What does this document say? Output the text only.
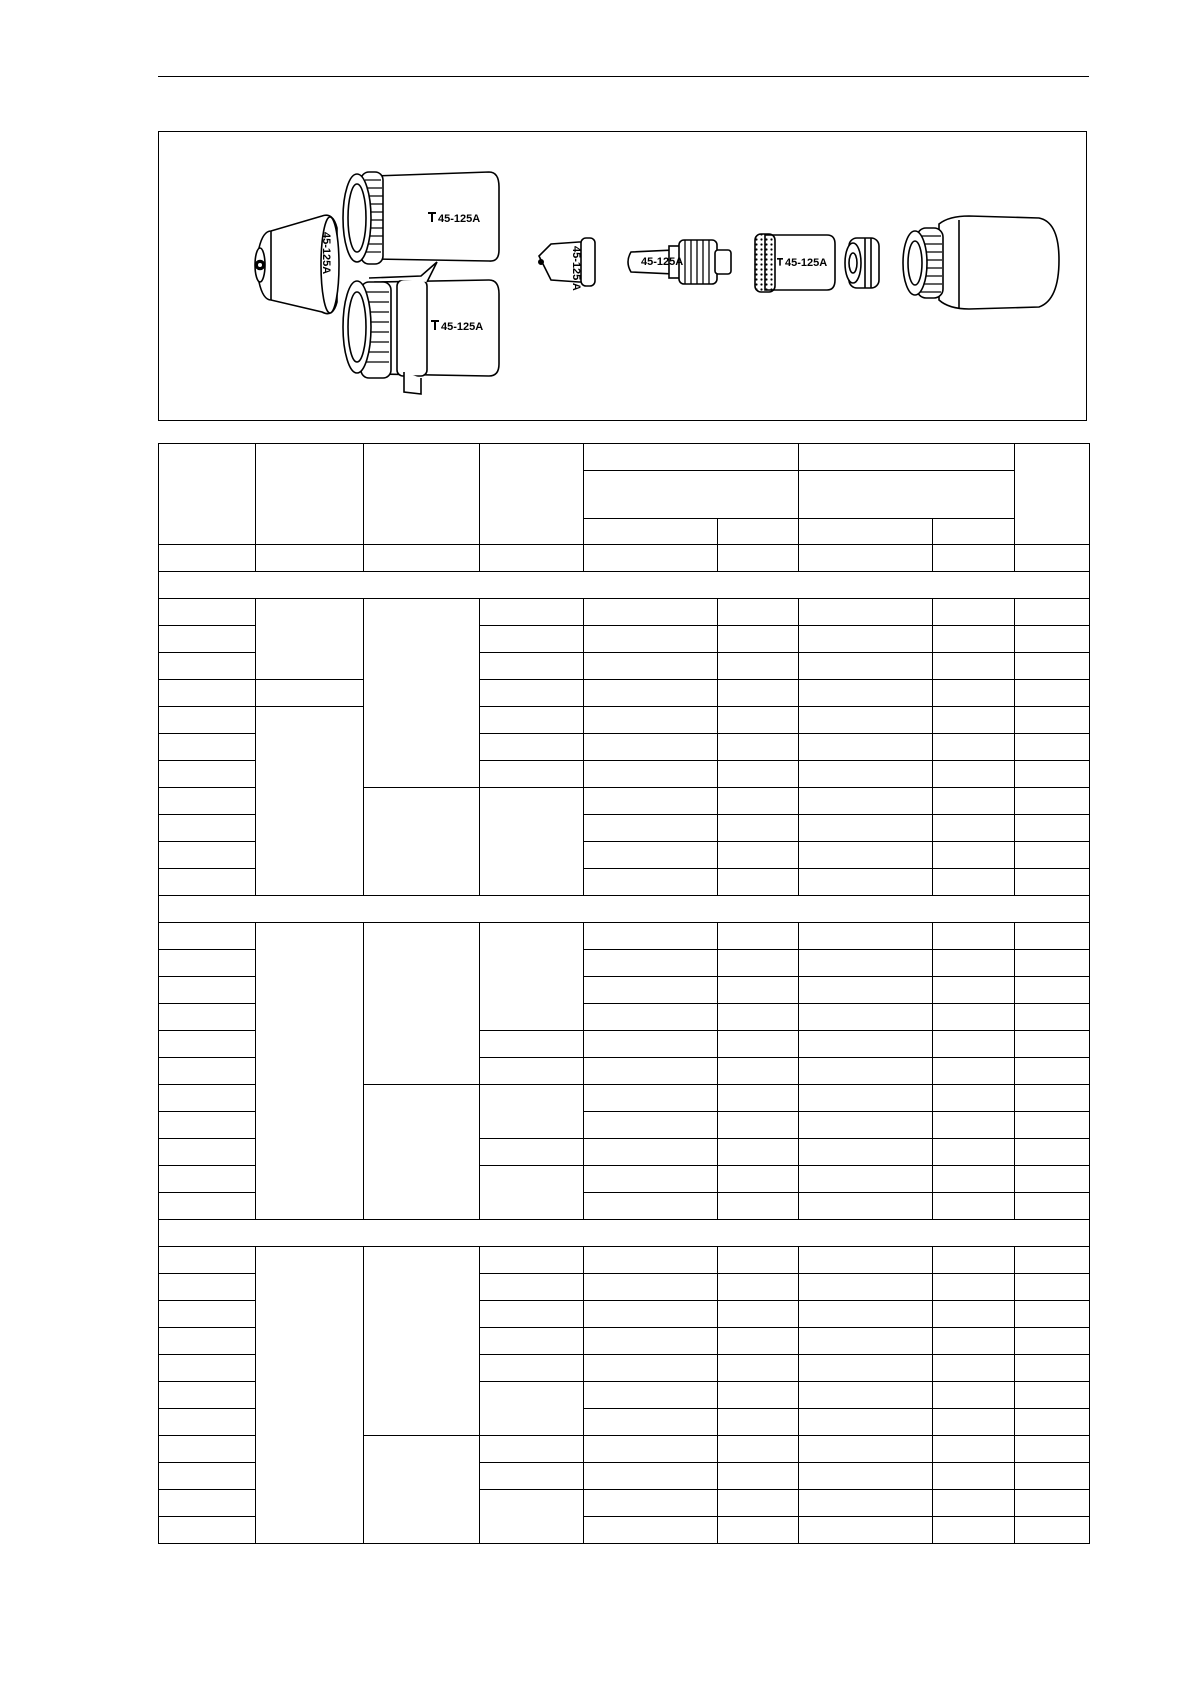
45-125A
45-125A
45-125A
45-125 A	45-125A	45-125A
